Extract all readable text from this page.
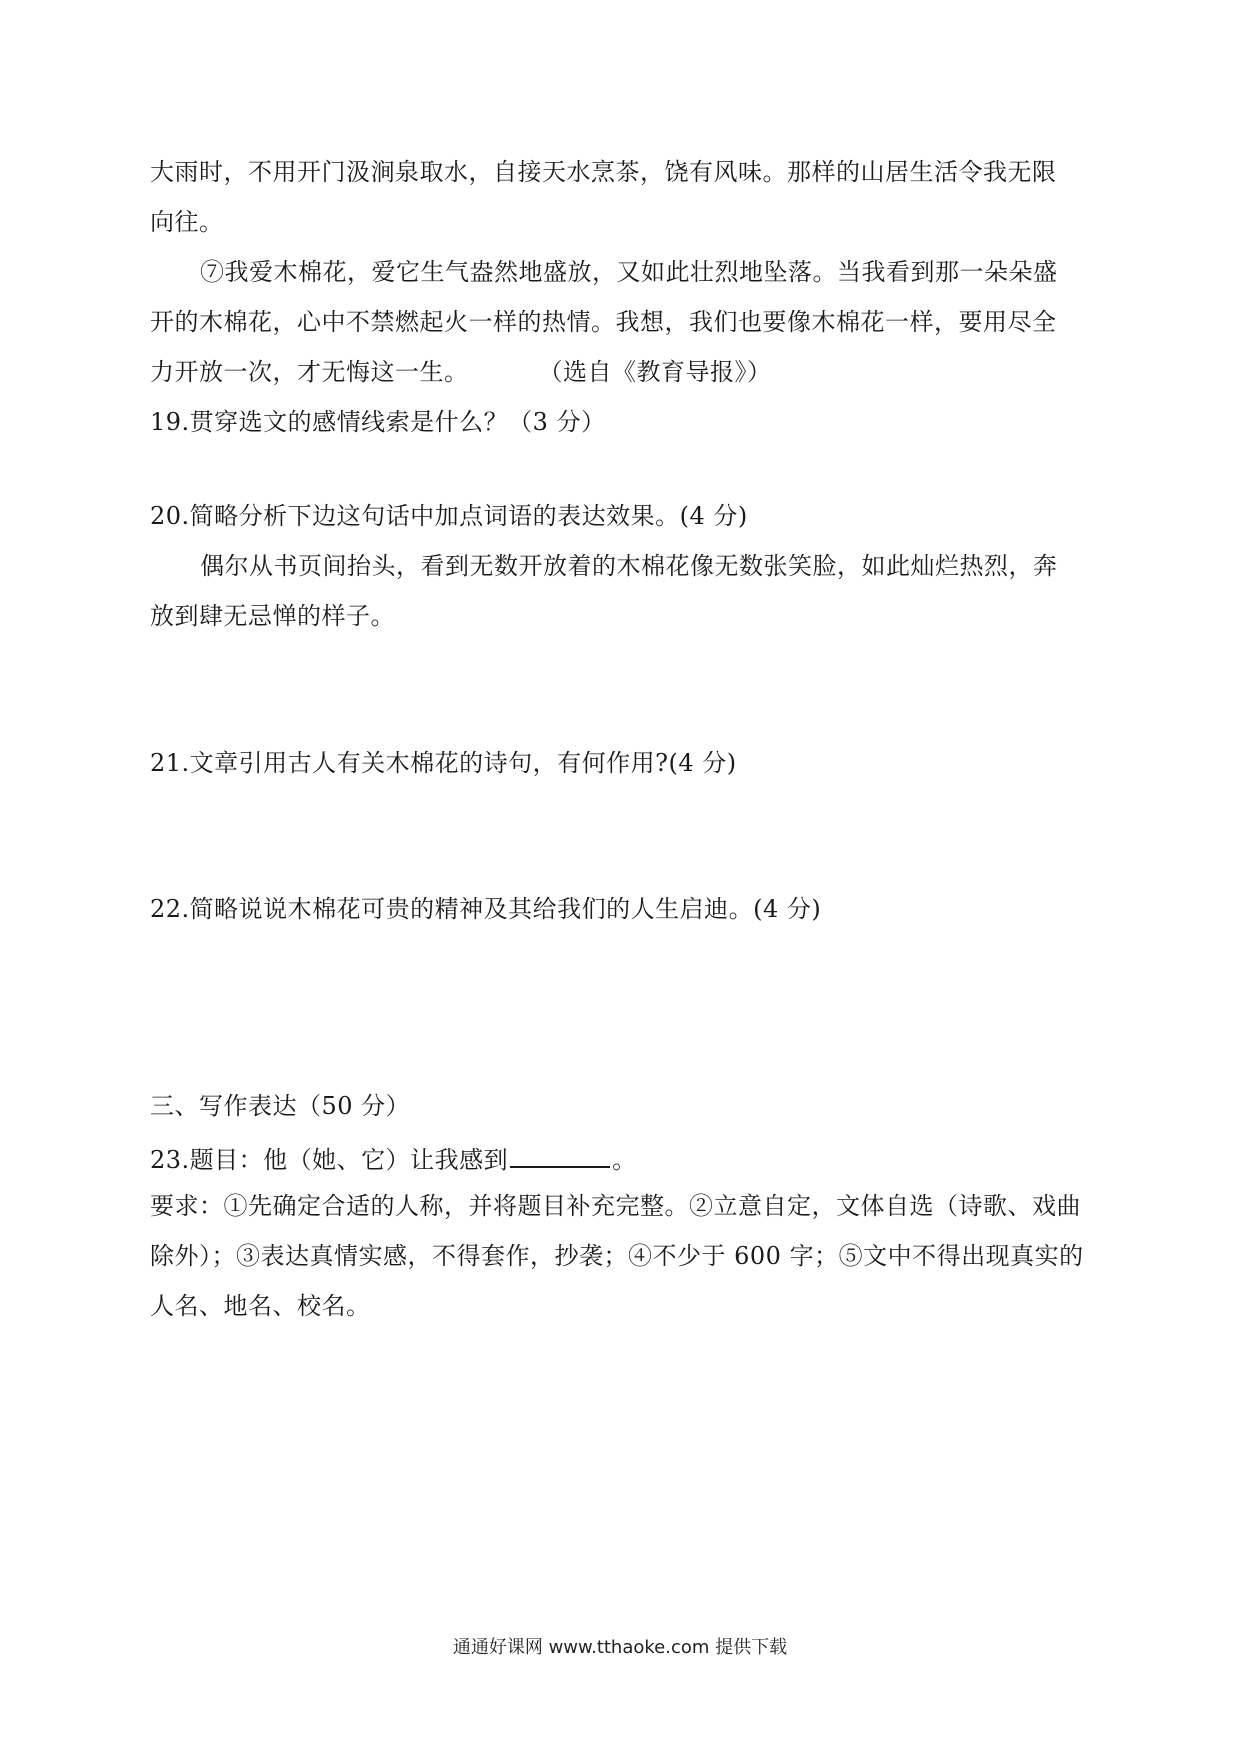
大雨时，不用开门汲涧泉取水，自接天水烹茶，饶有风味。那样的山居生活令我无限
向往。
⑦我爱木棉花，爱它生气盎然地盛放，又如此壮烈地坠落。当我看到那一朵朵盛
开的木棉花，心中不禁燃起火一样的热情。我想，我们也要像木棉花一样，要用尽全
力开放一次，才无悔这一生。	（选自《教育导报》）
19.贯穿选文的感情线索是什么？（3 分）
20.简略分析下边这句话中加点词语的表达效果。(4 分)
偶尔从书页间抬头，看到无数开放着的木棉花像无数张笑脸，如此灿烂热烈，奔
放到肆无忌惮的样子。
21.文章引用古人有关木棉花的诗句，有何作用?(4 分)
22.简略说说木棉花可贵的精神及其给我们的人生启迪。(4 分)
三、写作表达（50 分）
23.题目：他（她、它）让我感到	。
要求：①先确定合适的人称，并将题目补充完整。②立意自定，文体自选（诗歌、戏曲
除外）；③表达真情实感，不得套作，抄袭；④不少于 600 字；⑤文中不得出现真实的
人名、地名、校名。
通通好课网 www.tthaoke.com 提供下载
